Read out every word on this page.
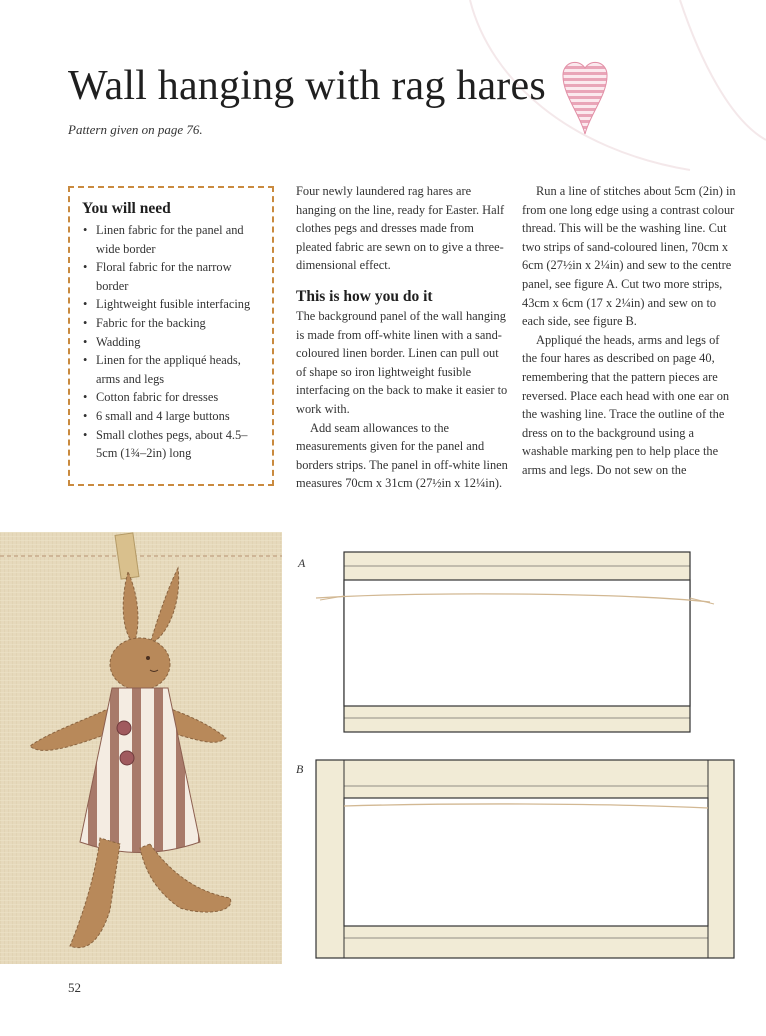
Wall hanging with rag hares
Pattern given on page 76.
You will need
• Linen fabric for the panel and wide border
• Floral fabric for the narrow border
• Lightweight fusible interfacing
• Fabric for the backing
• Wadding
• Linen for the appliqué heads, arms and legs
• Cotton fabric for dresses
• 6 small and 4 large buttons
• Small clothes pegs, about 4.5–5cm (1¾–2in) long

Four newly laundered rag hares are hanging on the line, ready for Easter. Half clothes pegs and dresses made from pleated fabric are sewn on to give a three-dimensional effect.

This is how you do it

The background panel of the wall hanging is made from off-white linen with a sand-coloured linen border. Linen can pull out of shape so iron lightweight fusible interfacing on the back to make it easier to work with.

Add seam allowances to the measurements given for the panel and borders strips. The panel in off-white linen measures 70cm x 31cm (27½in x 12¼in).

Run a line of stitches about 5cm (2in) in from one long edge using a contrast colour thread. This will be the washing line. Cut two strips of sand-coloured linen, 70cm x 6cm (27½in x 2¼in) and sew to the centre panel, see figure A. Cut two more strips, 43cm x 6cm (17 x 2¼in) and sew on to each side, see figure B.

Appliqué the heads, arms and legs of the four hares as described on page 40, remembering that the pattern pieces are reversed. Place each head with one ear on the washing line. Trace the outline of the dress on to the background using a washable marking pen to help place the arms and legs. Do not sew on the

A
B
52
